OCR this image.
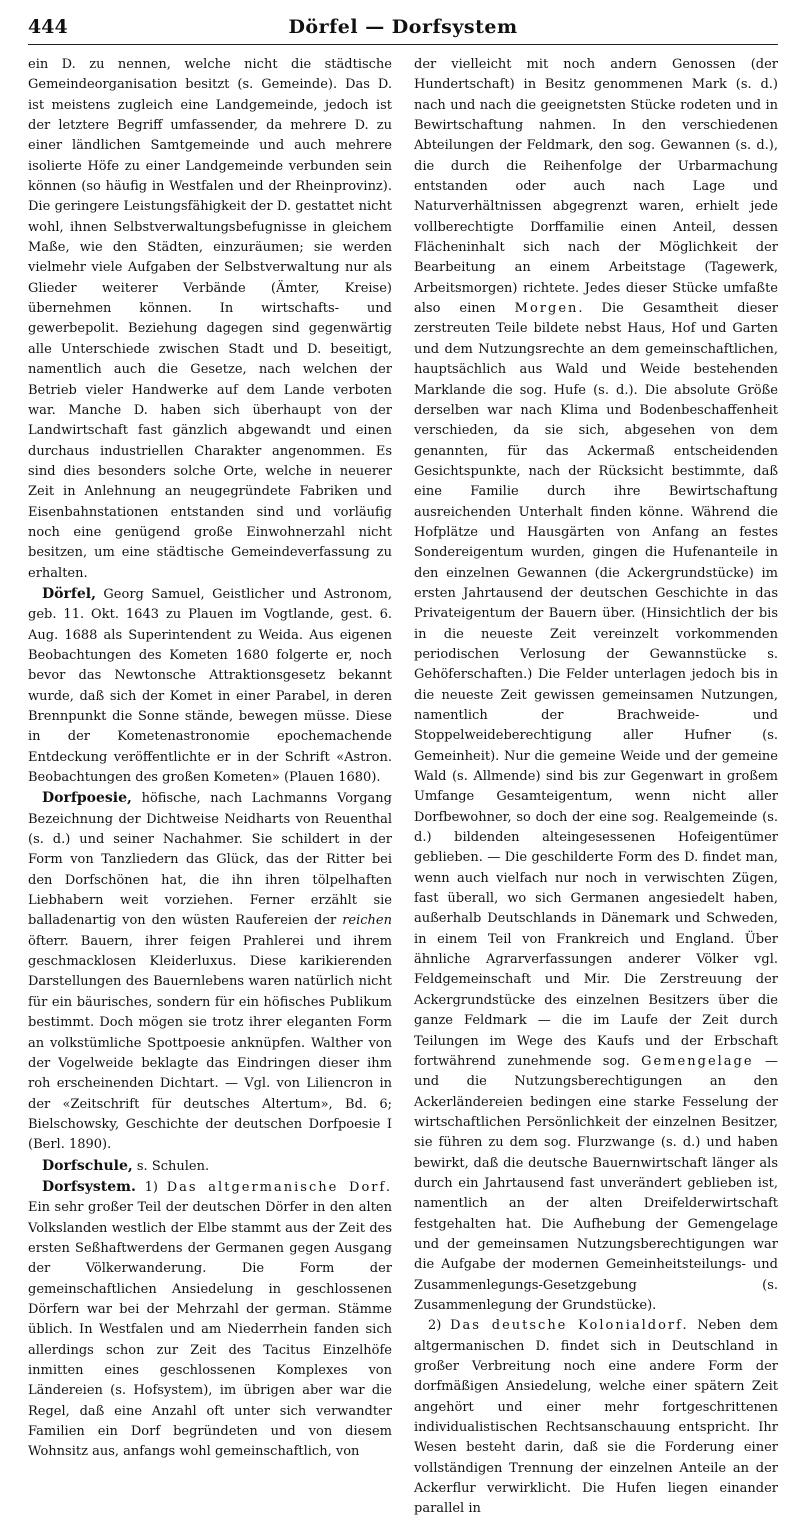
444	Dörfel — Dorfsystem

ein D. zu nennen, welche nicht die städtische Gemeindeorganisation besitzt (s. Gemeinde). Das D. ist meistens zugleich eine Landgemeinde, jedoch ist der letztere Begriff umfassender, da mehrere D. zu einer ländlichen Samtgemeinde und auch mehrere isolierte Höfe zu einer Landgemeinde verbunden sein können (so häufig in Westfalen und der Rheinprovinz). Die geringere Leistungsfähigkeit der D. gestattet nicht wohl, ihnen Selbstverwaltungsbefugnisse in gleichem Maße, wie den Städten, einzuräumen; sie werden vielmehr viele Aufgaben der Selbstverwaltung nur als Glieder weiterer Verbände (Ämter, Kreise) übernehmen können. In wirtschafts- und gewerbepolit. Beziehung dagegen sind gegenwärtig alle Unterschiede zwischen Stadt und D. beseitigt, namentlich auch die Gesetze, nach welchen der Betrieb vieler Handwerke auf dem Lande verboten war. Manche D. haben sich überhaupt von der Landwirtschaft fast gänzlich abgewandt und einen durchaus industriellen Charakter angenommen. Es sind dies besonders solche Orte, welche in neuerer Zeit in Anlehnung an neugegründete Fabriken und Eisenbahnstationen entstanden sind und vorläufig noch eine genügend große Einwohnerzahl nicht besitzen, um eine städtische Gemeindeverfassung zu erhalten.

Dörfel, Georg Samuel, Geistlicher und Astronom, geb. 11. Okt. 1643 zu Plauen im Vogtlande, gest. 6. Aug. 1688 als Superintendent zu Weida. Aus eigenen Beobachtungen des Kometen 1680 folgerte er, noch bevor das Newtonsche Attraktionsgesetz bekannt wurde, daß sich der Komet in einer Parabel, in deren Brennpunkt die Sonne stände, bewegen müsse. Diese in der Kometenastronomie epochemachende Entdeckung veröffentlichte er in der Schrift «Astron. Beobachtungen des großen Kometen» (Plauen 1680).

Dorfpoesie, höfische, nach Lachmanns Vorgang Bezeichnung der Dichtweise Neidharts von Reuenthal (s. d.) und seiner Nachahmer. Sie schildert in der Form von Tanzliedern das Glück, das der Ritter bei den Dorfschönen hat, die ihn ihren tölpelhaften Liebhabern weit vorziehen. Ferner erzählt sie balladenartig von den wüsten Raufereien der reichen öfterr. Bauern, ihrer feigen Prahlerei und ihrem geschmacklosen Kleiderluxus. Diese karikierenden Darstellungen des Bauernlebens waren natürlich nicht für ein bäurisches, sondern für ein höfisches Publikum bestimmt. Doch mögen sie trotz ihrer eleganten Form an volkstümliche Spottpoesie anknüpfen. Walther von der Vogelweide beklagte das Eindringen dieser ihm roh erscheinenden Dichtart. — Vgl. von Liliencron in der «Zeitschrift für deutsches Altertum», Bd. 6; Bielschowsky, Geschichte der deutschen Dorfpoesie I (Berl. 1890).

Dorfschule, s. Schulen.

Dorfsystem. 1) Das altgermanische Dorf. Ein sehr großer Teil der deutschen Dörfer in den alten Volkslanden westlich der Elbe stammt aus der Zeit des ersten Seßhaftwerdens der Germanen gegen Ausgang der Völkerwanderung. Die Form der gemeinschaftlichen Ansiedelung in geschlossenen Dörfern war bei der Mehrzahl der german. Stämme üblich. In Westfalen und am Niederrhein fanden sich allerdings schon zur Zeit des Tacitus Einzelhöfe inmitten eines geschlossenen Komplexes von Ländereien (s. Hofsystem), im übrigen aber war die Regel, daß eine Anzahl oft unter sich verwandter Familien ein Dorf begründeten und von diesem Wohnsitz aus, anfangs wohl gemeinschaftlich, von

der vielleicht mit noch andern Genossen (der Hundertschaft) in Besitz genommenen Mark (s. d.) nach und nach die geeignetsten Stücke rodeten und in Bewirtschaftung nahmen. In den verschiedenen Abteilungen der Feldmark, den sog. Gewannen (s. d.), die durch die Reihenfolge der Urbarmachung entstanden oder auch nach Lage und Naturverhältnissen abgegrenzt waren, erhielt jede vollberechtigte Dorffamilie einen Anteil, dessen Flächeninhalt sich nach der Möglichkeit der Bearbeitung an einem Arbeitstage (Tagewerk, Arbeitsmorgen) richtete. Jedes dieser Stücke umfaßte also einen Morgen. Die Gesamtheit dieser zerstreuten Teile bildete nebst Haus, Hof und Garten und dem Nutzungsrechte an dem gemeinschaftlichen, hauptsächlich aus Wald und Weide bestehenden Marklande die sog. Hufe (s. d.). Die absolute Größe derselben war nach Klima und Bodenbeschaffenheit verschieden, da sie sich, abgesehen von dem genannten, für das Ackermaß entscheidenden Gesichtspunkte, nach der Rücksicht bestimmte, daß eine Familie durch ihre Bewirtschaftung ausreichenden Unterhalt finden könne. Während die Hofplätze und Hausgärten von Anfang an festes Sondereigentum wurden, gingen die Hufenanteile in den einzelnen Gewannen (die Ackergrundstücke) im ersten Jahrtausend der deutschen Geschichte in das Privateigentum der Bauern über. (Hinsichtlich der bis in die neueste Zeit vereinzelt vorkommenden periodischen Verlosung der Gewannstücke s. Gehöferschaften.) Die Felder unterlagen jedoch bis in die neueste Zeit gewissen gemeinsamen Nutzungen, namentlich der Brachweide- und Stoppelweideberechtigung aller Hufner (s. Gemeinheit). Nur die gemeine Weide und der gemeine Wald (s. Allmende) sind bis zur Gegenwart in großem Umfange Gesamteigentum, wenn nicht aller Dorfbewohner, so doch der eine sog. Realgemeinde (s. d.) bildenden alteingesessenen Hofeigentümer geblieben. — Die geschilderte Form des D. findet man, wenn auch vielfach nur noch in verwischten Zügen, fast überall, wo sich Germanen angesiedelt haben, außerhalb Deutschlands in Dänemark und Schweden, in einem Teil von Frankreich und England. Über ähnliche Agrarverfassungen anderer Völker vgl. Feldgemeinschaft und Mir. Die Zerstreuung der Ackergrundstücke des einzelnen Besitzers über die ganze Feldmark — die im Laufe der Zeit durch Teilungen im Wege des Kaufs und der Erbschaft fortwährend zunehmende sog. Gemengelage — und die Nutzungsberechtigungen an den Ackerländereien bedingen eine starke Fesselung der wirtschaftlichen Persönlichkeit der einzelnen Besitzer, sie führen zu dem sog. Flurzwange (s. d.) und haben bewirkt, daß die deutsche Bauernwirtschaft länger als durch ein Jahrtausend fast unverändert geblieben ist, namentlich an der alten Dreifelderwirtschaft festgehalten hat. Die Aufhebung der Gemengelage und der gemeinsamen Nutzungsberechtigungen war die Aufgabe der modernen Gemeinheitsteilungs- und Zusammenlegungs-Gesetzgebung (s. Zusammenlegung der Grundstücke).

2) Das deutsche Kolonialdorf. Neben dem altgermanischen D. findet sich in Deutschland in großer Verbreitung noch eine andere Form der dorfmäßigen Ansiedelung, welche einer spätern Zeit angehört und einer mehr fortgeschrittenen individualistischen Rechtsanschauung entspricht. Ihr Wesen besteht darin, daß sie die Forderung einer vollständigen Trennung der einzelnen Anteile an der Ackerflur verwirklicht. Die Hufen liegen einander parallel in
